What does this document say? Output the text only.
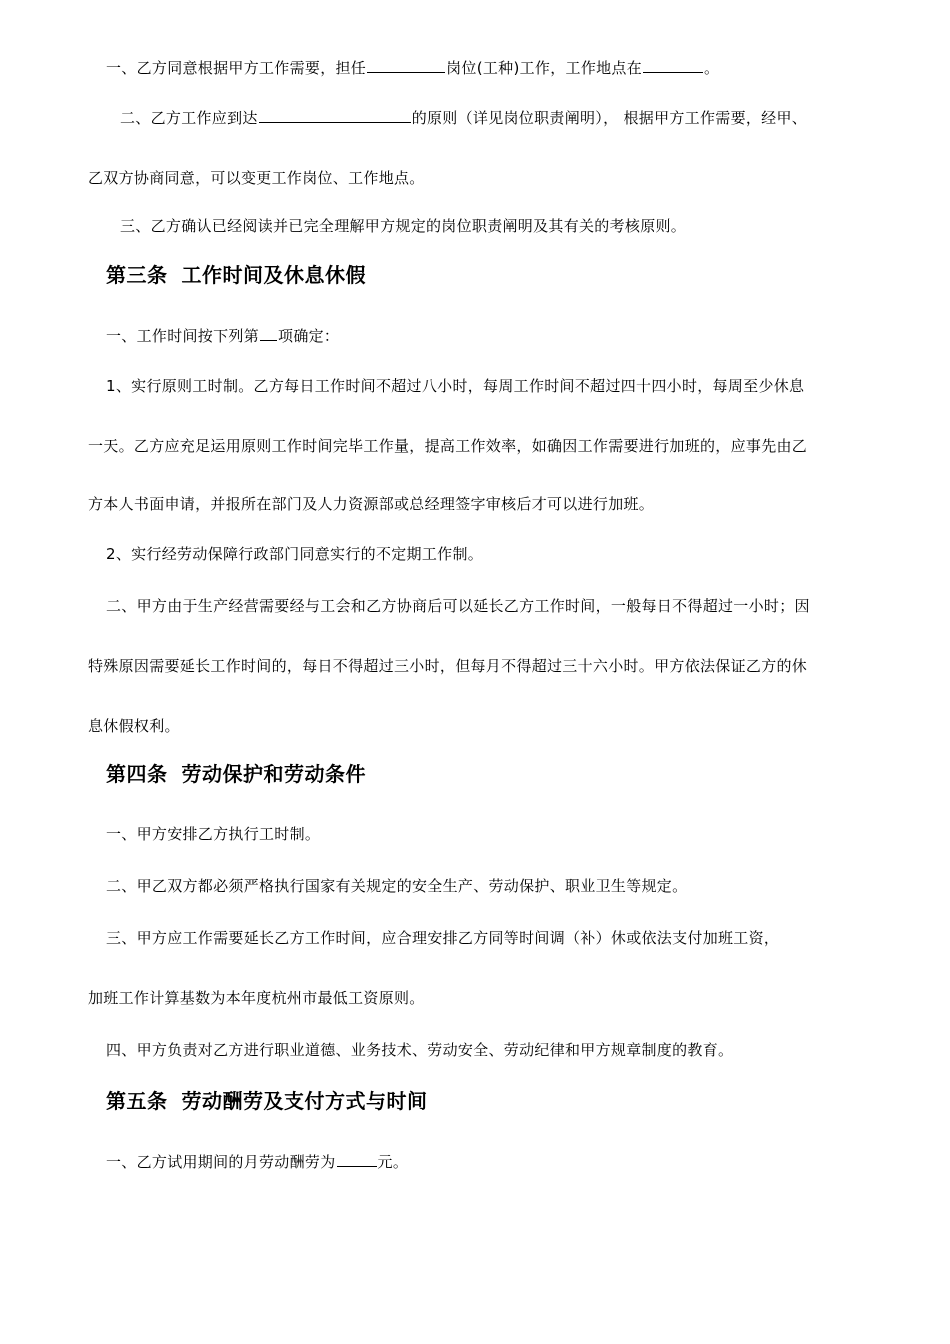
一、乙方同意根据甲方工作需要，担任	岗位(工种)工作，工作地点在	。
二、乙方工作应到达	的原则（详见岗位职责阐明）， 根据甲方工作需要，经甲、
乙双方协商同意，可以变更工作岗位、工作地点。
三、乙方确认已经阅读并已完全理解甲方规定的岗位职责阐明及其有关的考核原则。
第三条 工作时间及休息休假
一、工作时间按下列第 项确定：
1、实行原则工时制。乙方每日工作时间不超过八小时，每周工作时间不超过四十四小时，每周至少休息
一天。乙方应充足运用原则工作时间完毕工作量，提高工作效率，如确因工作需要进行加班的，应事先由乙
方本人书面申请，并报所在部门及人力资源部或总经理签字审核后才可以进行加班。
2、实行经劳动保障行政部门同意实行的不定期工作制。
二、甲方由于生产经营需要经与工会和乙方协商后可以延长乙方工作时间，一般每日不得超过一小时；因
特殊原因需要延长工作时间的，每日不得超过三小时，但每月不得超过三十六小时。甲方依法保证乙方的休
息休假权利。
第四条 劳动保护和劳动条件
一、甲方安排乙方执行工时制。
二、甲乙双方都必须严格执行国家有关规定的安全生产、劳动保护、职业卫生等规定。
三、甲方应工作需要延长乙方工作时间，应合理安排乙方同等时间调（补）休或依法支付加班工资，
加班工作计算基数为本年度杭州市最低工资原则。
四、甲方负责对乙方进行职业道德、业务技术、劳动安全、劳动纪律和甲方规章制度的教育。
第五条 劳动酬劳及支付方式与时间
一、乙方试用期间的月劳动酬劳为	元。
